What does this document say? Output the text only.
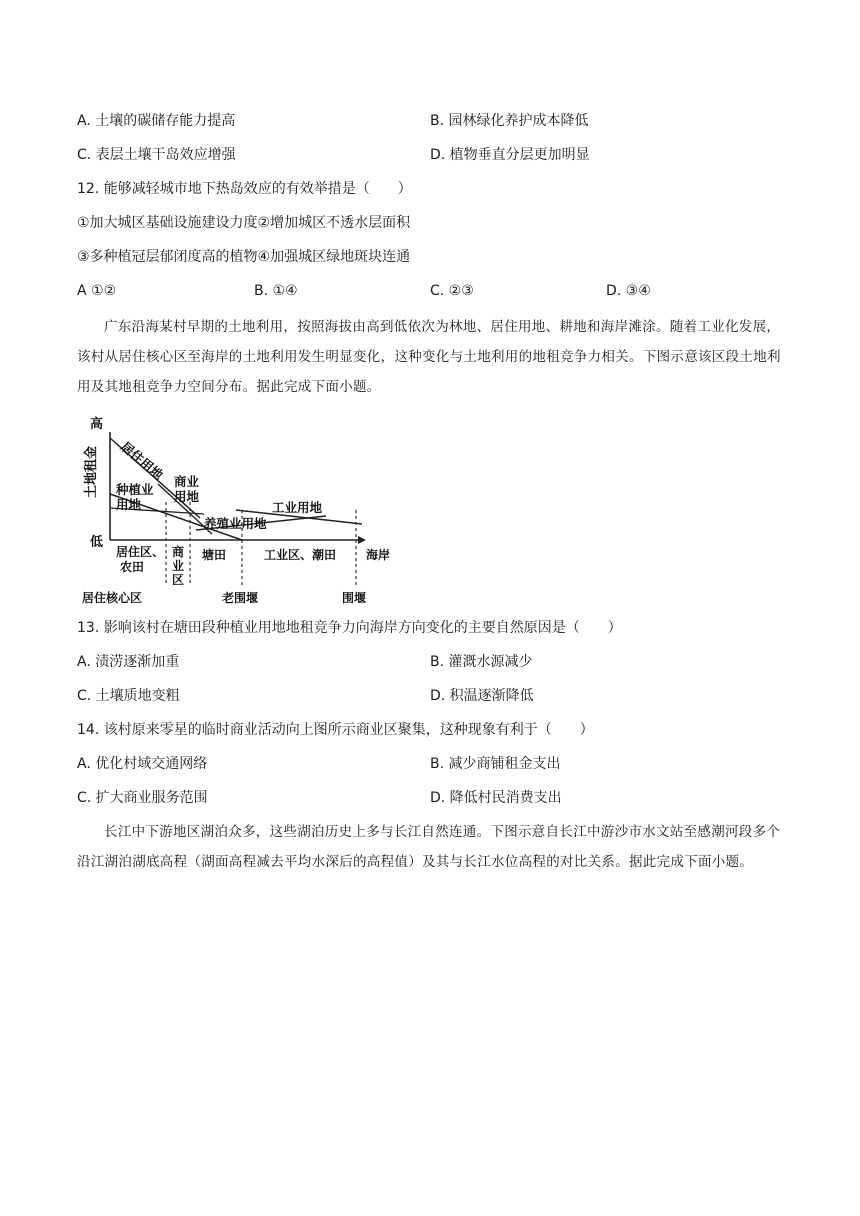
A. 土壤的碳储存能力提高	B. 园林绿化养护成本降低
C. 表层土壤干岛效应增强	D. 植物垂直分层更加明显
12. 能够减轻城市地下热岛效应的有效举措是（　　）
①加大城区基础设施建设力度②增加城区不透水层面积
③多种植冠层郁闭度高的植物④加强城区绿地斑块连通
A ①②	B. ①④	C. ②③	D. ③④

广东沿海某村早期的土地利用，按照海拔由高到低依次为林地、居住用地、耕地和海岸滩涂。随着工业化发展，该村从居住核心区至海岸的土地利用发生明显变化，这种变化与土地利用的地租竞争力相关。下图示意该区段土地利用及其地租竞争力空间分布。据此完成下面小题。

高
土地租金
低
居住用地 商业
用地
种植业
用地
养殖业用地
工业用地
居住区、
农田
商
业
区
塘田	工业区、潮田 海岸
居住核心区	老围堰	围堰
13. 影响该村在塘田段种植业用地地租竞争力向海岸方向变化的主要自然原因是（　　）
A. 渍涝逐渐加重	B. 灌溉水源减少
C. 土壤质地变粗	D. 积温逐渐降低
14. 该村原来零星的临时商业活动向上图所示商业区聚集，这种现象有利于（　　）
A. 优化村域交通网络	B. 减少商铺租金支出
C. 扩大商业服务范围	D. 降低村民消费支出

长江中下游地区湖泊众多，这些湖泊历史上多与长江自然连通。下图示意自长江中游沙市水文站至感潮河段多个沿江湖泊湖底高程（湖面高程减去平均水深后的高程值）及其与长江水位高程的对比关系。据此完成下面小题。
